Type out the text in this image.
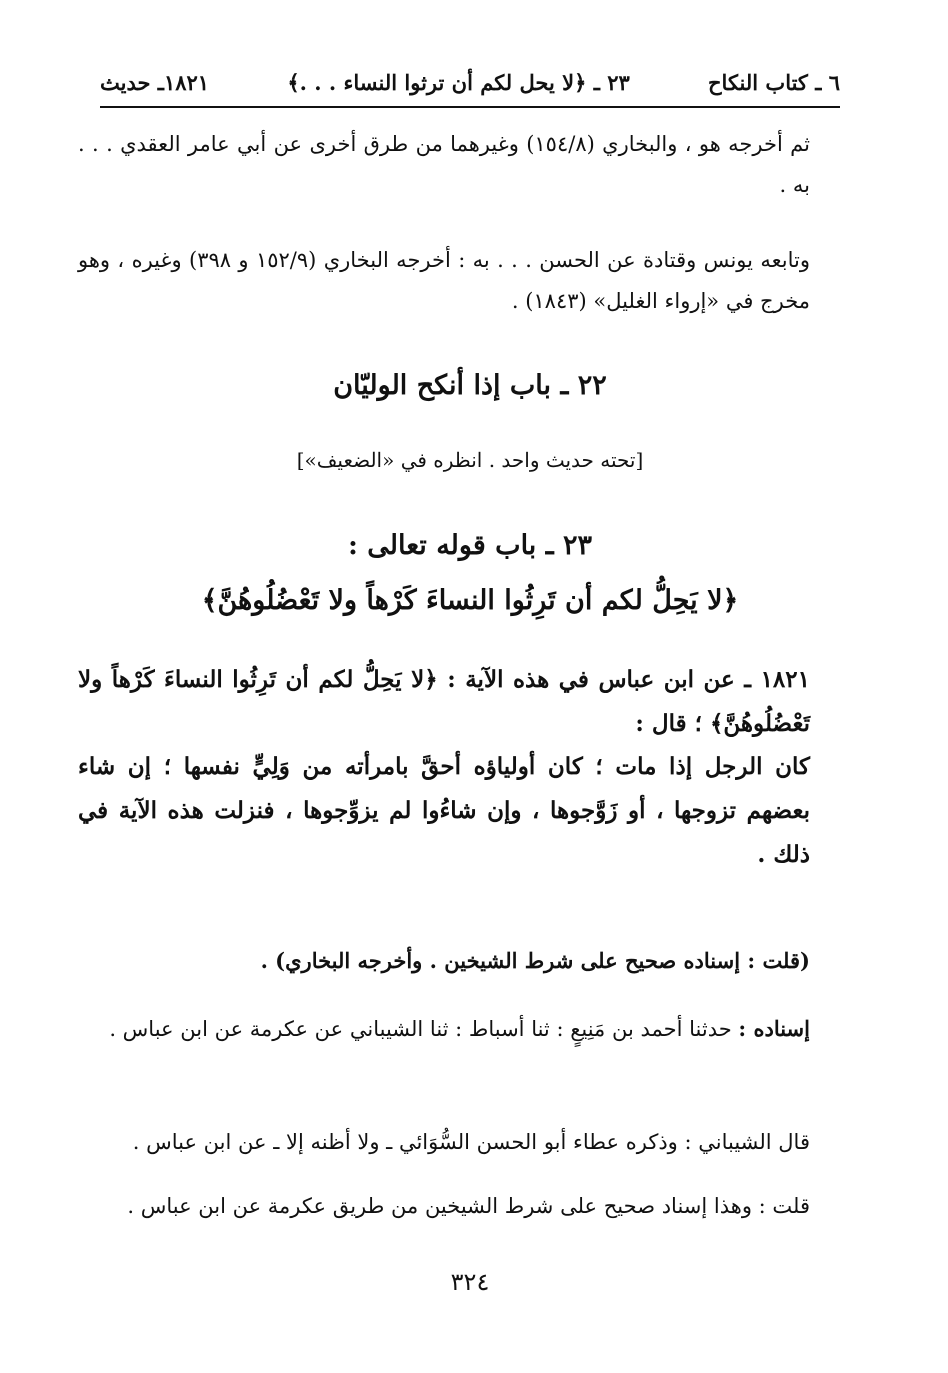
٦ ـ كتاب النكاح
٢٣ ـ ﴿لا يحل لكم أن ترثوا النساء . . .﴾
١٨٢١ـ حديث
ثم أخرجه هو ، والبخاري (١٥٤/٨) وغيرهما من طرق أخرى عن أبي عامر العقدي . . . به .
وتابعه يونس وقتادة عن الحسن . . . به : أخرجه البخاري (١٥٢/٩ و ٣٩٨) وغيره ، وهو مخرج في «إرواء الغليل» (١٨٤٣) .
٢٢ ـ باب إذا أنكح الوليّان
[تحته حديث واحد . انظره في «الضعيف»]
٢٣ ـ باب قوله تعالى :
﴿لا يَحِلُّ لكم أن تَرِثُوا النساءَ كَرْهاً ولا تَعْضُلُوهُنَّ﴾
١٨٢١ ـ عن ابن عباس في هذه الآية : ﴿لا يَحِلُّ لكم أن تَرِثُوا النساءَ كَرْهاً ولا تَعْضُلُوهُنَّ﴾ ؛ قال :
كان الرجل إذا مات ؛ كان أولياؤه أحقَّ بامرأته من وَلِيٍّ نفسها ؛ إن شاء بعضهم تزوجها ، أو زَوَّجوها ، وإن شاءُوا لم يزوِّجوها ، فنزلت هذه الآية في ذلك .
(قلت : إسناده صحيح على شرط الشيخين . وأخرجه البخاري) .
إسناده : حدثنا أحمد بن مَنِيعٍ : ثنا أسباط : ثنا الشيباني عن عكرمة عن ابن عباس .
قال الشيباني : وذكره عطاء أبو الحسن السُّوَائي ـ ولا أظنه إلا ـ عن ابن عباس .
قلت : وهذا إسناد صحيح على شرط الشيخين من طريق عكرمة عن ابن عباس .
٣٢٤
